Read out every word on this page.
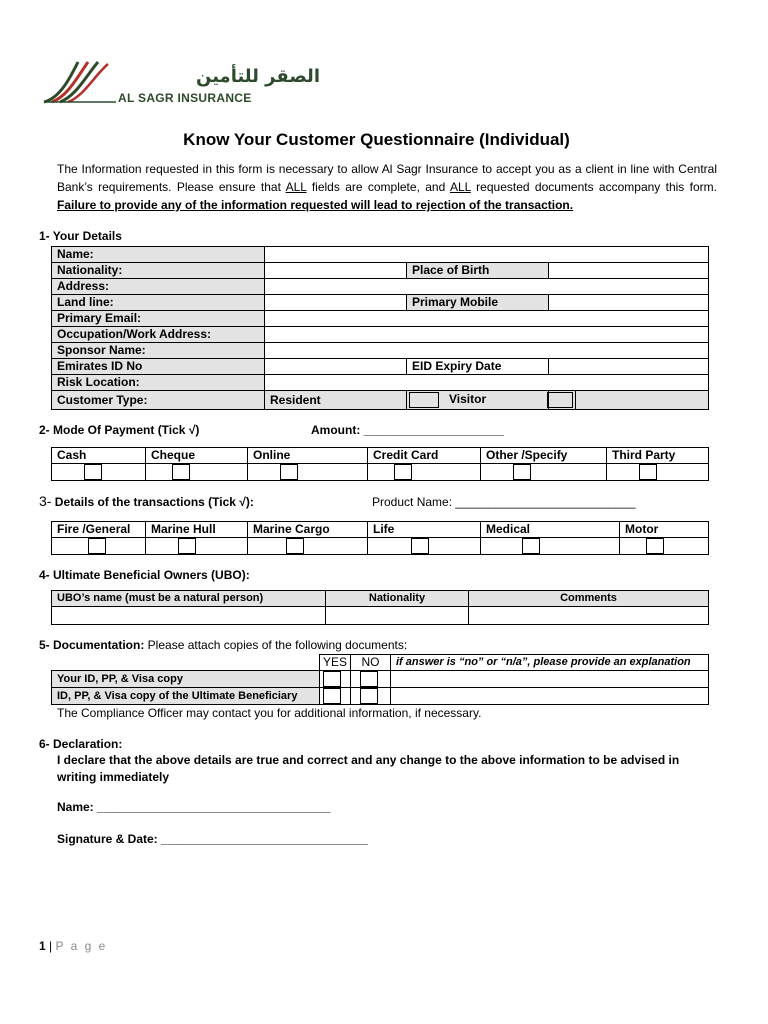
الصقر للتأمين
AL SAGR INSURANCE
Know Your Customer Questionnaire (Individual)
The Information requested in this form is necessary to allow Al Sagr Insurance to accept you as a client in line with Central Bank’s requirements. Please ensure that ALL fields are complete, and ALL requested documents accompany this form. Failure to provide any of the information requested will lead to rejection of the transaction.
1- Your Details
Name:				
Nationality:		Place of Birth		
Address:				
Land line:		Primary Mobile		
Primary Email:				
Occupation/Work Address:				
Sponsor Name:				
Emirates ID No		EID Expiry Date		
Risk Location:				
Customer Type:	Resident	Visitor		
2- Mode Of Payment (Tick √)	Amount: _____________________
Cash	Cheque	Online	Credit Card	Other /Specify	Third Party

3- Details of the transactions (Tick √):	Product Name: ___________________________
Fire /General	Marine Hull	Marine Cargo	Life	Medical	Motor

4- Ultimate Beneficial Owners (UBO):
UBO’s name (must be a natural person)	Nationality	Comments

5- Documentation: Please attach copies of the following documents:
	YES	NO	if answer is “no” or “n/a”, please provide an explanation
Your ID, PP, & Visa copy			
ID, PP, & Visa copy of the Ultimate Beneficiary			
The Compliance Officer may contact you for additional information, if necessary.
6- Declaration:
I declare that the above details are true and correct and any change to the above information to be advised in writing immediately
Name: ___________________________________
Signature & Date: _______________________________
1 | P a g e
